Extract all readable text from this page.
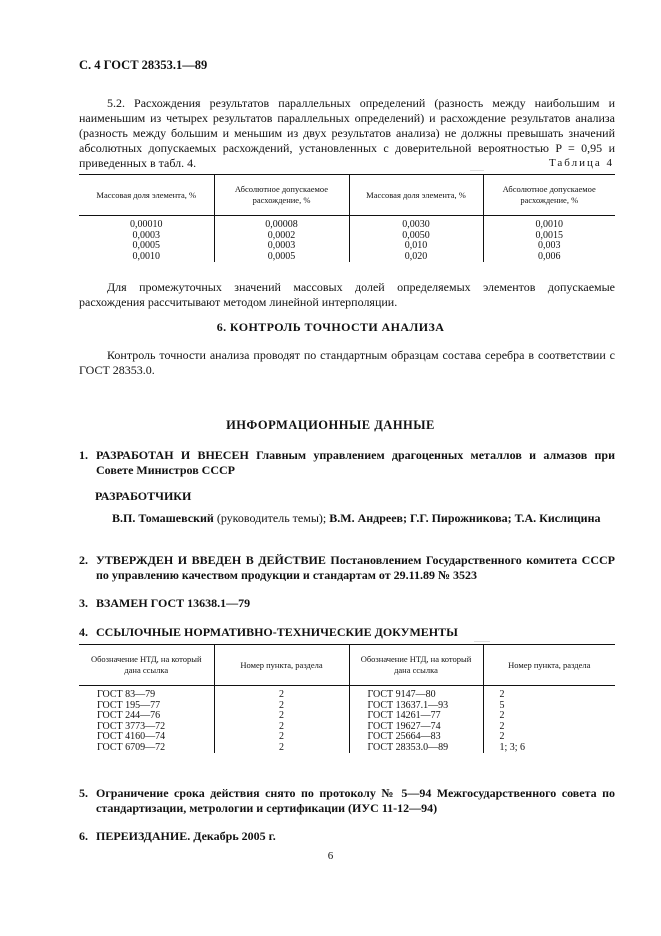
С. 4 ГОСТ 28353.1—89
5.2. Расхождения результатов параллельных определений (разность между наибольшим и наименьшим из четырех результатов параллельных определений) и расхождение результатов анализа (разность между большим и меньшим из двух результатов анализа) не должны превышать значений абсолютных допускаемых расхождений, установленных с доверительной вероятностью P = 0,95 и приведенных в табл. 4.	Таблица 4
Массовая доля элемента, %	Абсолютное допускаемое расхождение, %	Массовая доля элемента, %	Абсолютное допускаемое расхождение, %
0,00010	0,00008	0,0030	0,0010
0,0003	0,0002	0,0050	0,0015
0,0005	0,0003	0,010	0,003
0,0010	0,0005	0,020	0,006
Для промежуточных значений массовых долей определяемых элементов допускаемые расхождения рассчитывают методом линейной интерполяции.
6. КОНТРОЛЬ ТОЧНОСТИ АНАЛИЗА
Контроль точности анализа проводят по стандартным образцам состава серебра в соответствии с ГОСТ 28353.0.
ИНФОРМАЦИОННЫЕ ДАННЫЕ
1. РАЗРАБОТАН И ВНЕСЕН Главным управлением драгоценных металлов и алмазов при Совете Министров СССР
РАЗРАБОТЧИКИ
В.П. Томашевский (руководитель темы); В.М. Андреев; Г.Г. Пирожникова; Т.А. Кислицина
2. УТВЕРЖДЕН И ВВЕДЕН В ДЕЙСТВИЕ Постановлением Государственного комитета СССР по управлению качеством продукции и стандартам от 29.11.89 № 3523
3. ВЗАМЕН ГОСТ 13638.1—79
4. ССЫЛОЧНЫЕ НОРМАТИВНО-ТЕХНИЧЕСКИЕ ДОКУМЕНТЫ
Обозначение НТД, на который дана ссылка	Номер пункта, раздела	Обозначение НТД, на который дана ссылка	Номер пункта, раздела
ГОСТ 83—79	2	ГОСТ 9147—80	2
ГОСТ 195—77	2	ГОСТ 13637.1—93	5
ГОСТ 244—76	2	ГОСТ 14261—77	2
ГОСТ 3773—72	2	ГОСТ 19627—74	2
ГОСТ 4160—74	2	ГОСТ 25664—83	2
ГОСТ 6709—72	2	ГОСТ 28353.0—89	1; 3; 6
5. Ограничение срока действия снято по протоколу № 5—94 Межгосударственного совета по стандартизации, метрологии и сертификации (ИУС 11-12—94)
6. ПЕРЕИЗДАНИЕ. Декабрь 2005 г.
6
